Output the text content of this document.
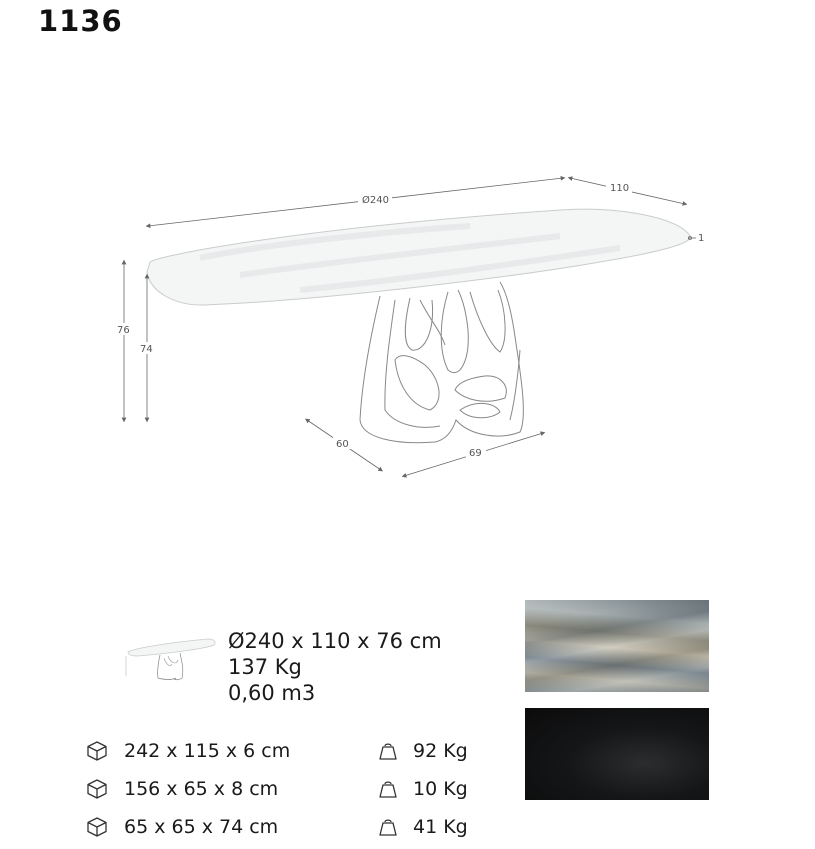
1136
Ø240
110
1
76
74
60
69
Ø240 x 110 x 76 cm
137 Kg
0,60 m3
242 x 115 x 6 cm
156 x 65 x 8 cm
65 x 65 x 74 cm
92 Kg
10 Kg
41 Kg
